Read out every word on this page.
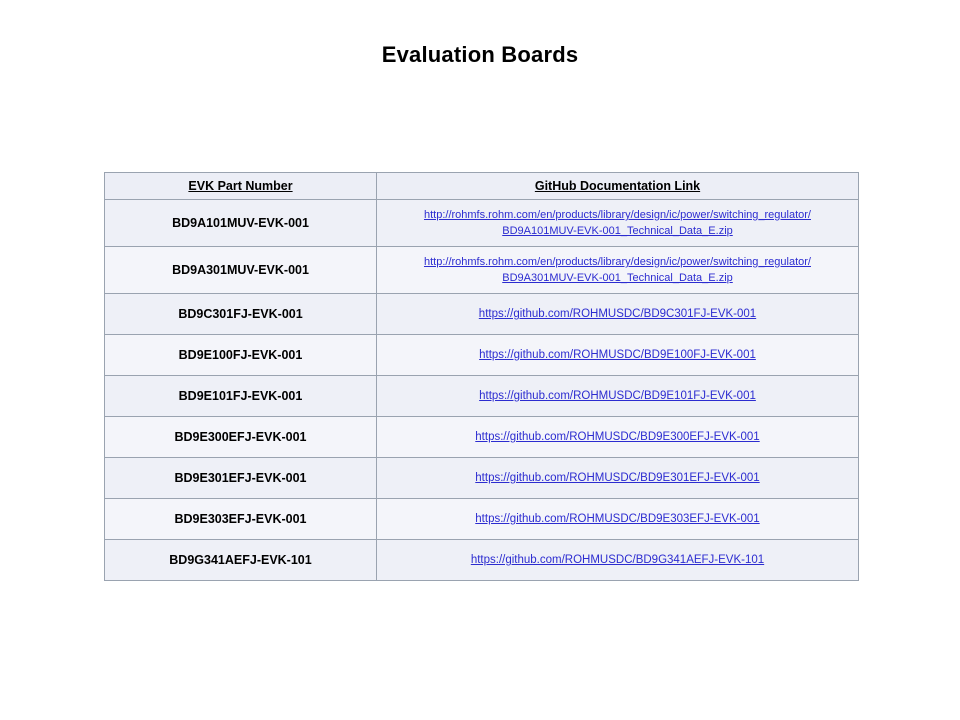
Evaluation Boards
EVK Part Number	GitHub Documentation Link
BD9A101MUV-EVK-001	http://rohmfs.rohm.com/en/products/library/design/ic/power/switching_regulator/
BD9A101MUV-EVK-001_Technical_Data_E.zip
BD9A301MUV-EVK-001	http://rohmfs.rohm.com/en/products/library/design/ic/power/switching_regulator/
BD9A301MUV-EVK-001_Technical_Data_E.zip
BD9C301FJ-EVK-001	https://github.com/ROHMUSDC/BD9C301FJ-EVK-001
BD9E100FJ-EVK-001	https://github.com/ROHMUSDC/BD9E100FJ-EVK-001
BD9E101FJ-EVK-001	https://github.com/ROHMUSDC/BD9E101FJ-EVK-001
BD9E300EFJ-EVK-001	https://github.com/ROHMUSDC/BD9E300EFJ-EVK-001
BD9E301EFJ-EVK-001	https://github.com/ROHMUSDC/BD9E301EFJ-EVK-001
BD9E303EFJ-EVK-001	https://github.com/ROHMUSDC/BD9E303EFJ-EVK-001
BD9G341AEFJ-EVK-101	https://github.com/ROHMUSDC/BD9G341AEFJ-EVK-101
